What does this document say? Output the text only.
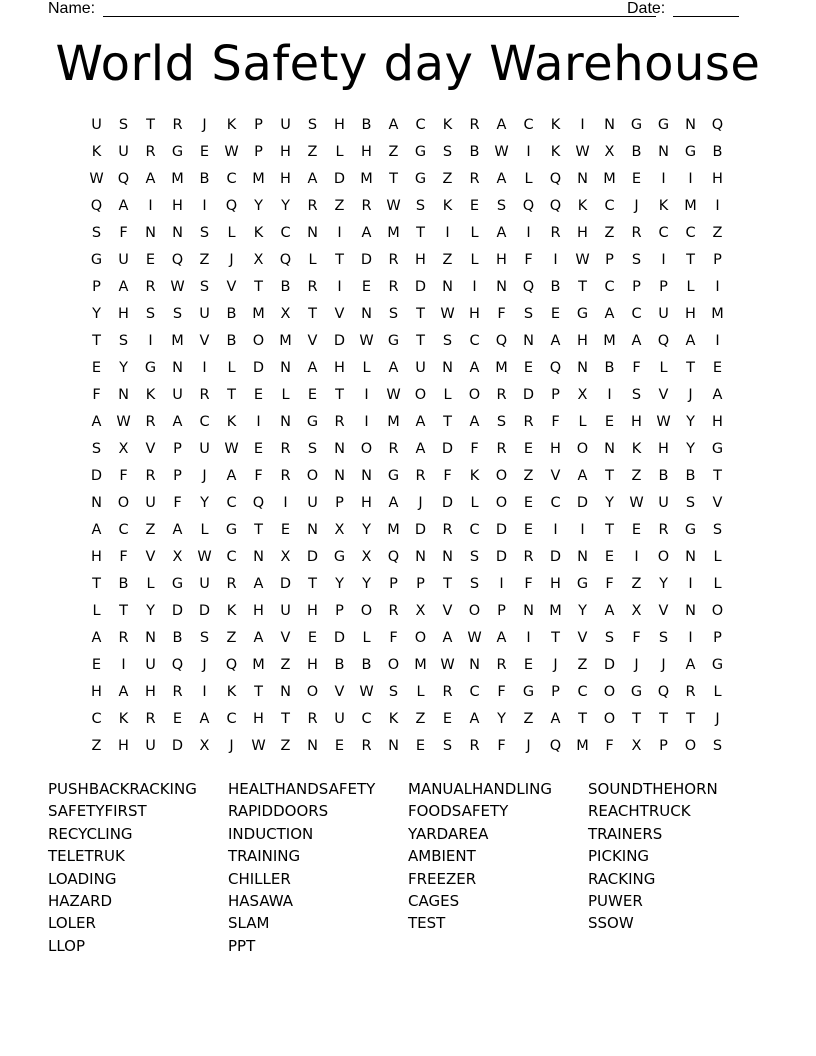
Name:	Date:
World Safety day Warehouse
U S T R J K P U S H B A C K R A C K I N G G N Q
K U R G E W P H Z L H Z G S B W I K W X B N G B
W Q A M B C M H A D M T G Z R A L Q N M E I I H
Q A I H I Q Y Y R Z R W S K E S Q Q K C J K M I
S F N N S L K C N I A M T I L A I R H Z R C C Z
G U E Q Z J X Q L T D R H Z L H F I W P S I T P
P A R W S V T B R I E R D N I N Q B T C P P L I
Y H S S U B M X T V N S T W H F S E G A C U H M
T S I M V B O M V D W G T S C Q N A H M A Q A I
E Y G N I L D N A H L A U N A M E Q N B F L T E
F N K U R T E L E T I W O L O R D P X I S V J A
A W R A C K I N G R I M A T A S R F L E H W Y H
S X V P U W E R S N O R A D F R E H O N K H Y G
D F R P J A F R O N N G R F K O Z V A T Z B B T
N O U F Y C Q I U P H A J D L O E C D Y W U S V
A C Z A L G T E N X Y M D R C D E I I T E R G S
H F V X W C N X D G X Q N N S D R D N E I O N L
T B L G U R A D T Y Y P P T S I F H G F Z Y I L
L T Y D D K H U H P O R X V O P N M Y A X V N O
A R N B S Z A V E D L F O A W A I T V S F S I P
E I U Q J Q M Z H B B O M W N R E J Z D J J A G
H A H R I K T N O V W S L R C F G P C O G Q R L
C K R E A C H T R U C K Z E A Y Z A T O T T T J
Z H U D X J W Z N E R N E S R F J Q M F X P O S
PUSHBACKRACKING
SAFETYFIRST
RECYCLING
TELETRUK
LOADING
HAZARD
LOLER
LLOP
HEALTHANDSAFETY
RAPIDDOORS
INDUCTION
TRAINING
CHILLER
HASAWA
SLAM
PPT
MANUALHANDLING
FOODSAFETY
YARDAREA
AMBIENT
FREEZER
CAGES
TEST
SOUNDTHEHORN
REACHTRUCK
TRAINERS
PICKING
RACKING
PUWER
SSOW
